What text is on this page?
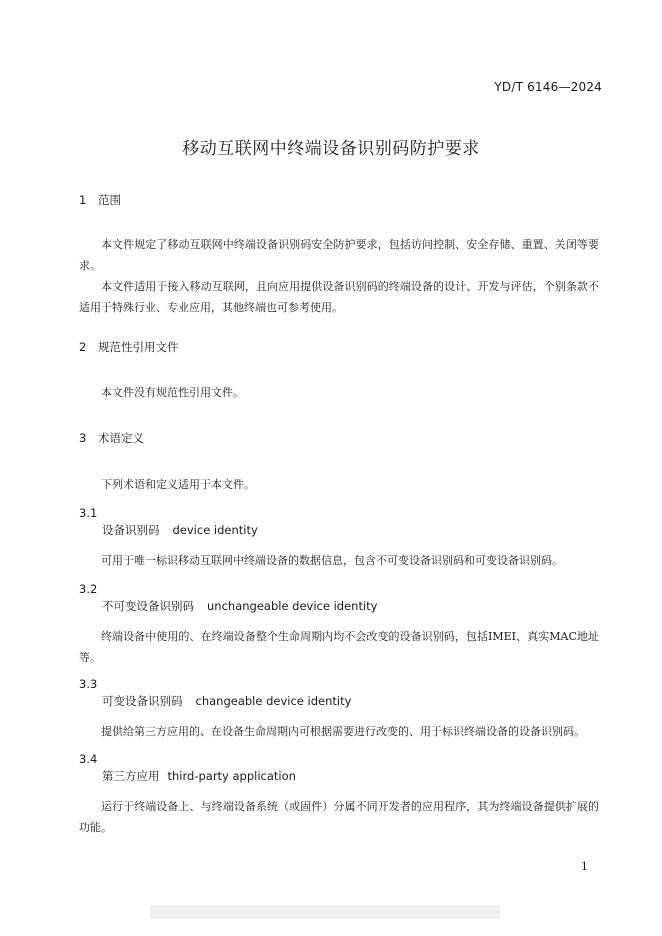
YD/T 6146—2024
移动互联网中终端设备识别码防护要求
1 范围

本文件规定了移动互联网中终端设备识别码安全防护要求，包括访问控制、安全存储、重置、关闭等要求。

本文件适用于接入移动互联网，且向应用提供设备识别码的终端设备的设计、开发与评估，个别条款不适用于特殊行业、专业应用，其他终端也可参考使用。

2 规范性引用文件

本文件没有规范性引用文件。

3 术语定义

下列术语和定义适用于本文件。

3.1
设备识别码 device identity

可用于唯一标识移动互联网中终端设备的数据信息，包含不可变设备识别码和可变设备识别码。

3.2
不可变设备识别码 unchangeable device identity

终端设备中使用的、在终端设备整个生命周期内均不会改变的设备识别码，包括IMEI、真实MAC地址等。

3.3
可变设备识别码 changeable device identity

提供给第三方应用的、在设备生命周期内可根据需要进行改变的、用于标识终端设备的设备识别码。

3.4
第三方应用 third-party application

运行于终端设备上、与终端设备系统（或固件）分属不同开发者的应用程序，其为终端设备提供扩展的功能。

1
